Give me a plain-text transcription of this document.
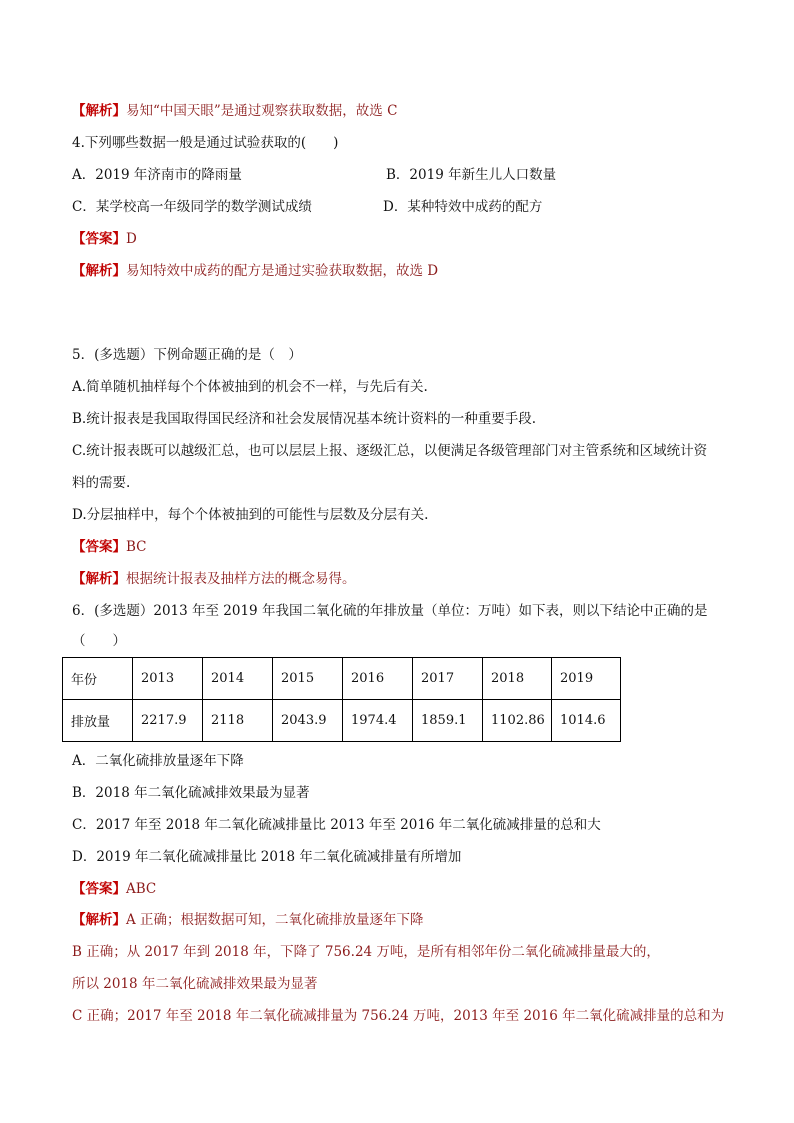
【解析】易知“中国天眼”是通过观察获取数据，故选 C
4.下列哪些数据一般是通过试验获取的(　　)
A．2019 年济南市的降雨量	B．2019 年新生儿人口数量
C．某学校高一年级同学的数学测试成绩	D．某种特效中成药的配方
【答案】D
【解析】易知特效中成药的配方是通过实验获取数据，故选 D
5．(多选题）下例命题正确的是（　）
A.简单随机抽样每个个体被抽到的机会不一样，与先后有关.
B.统计报表是我国取得国民经济和社会发展情况基本统计资料的一种重要手段.
C.统计报表既可以越级汇总，也可以层层上报、逐级汇总，以便满足各级管理部门对主管系统和区域统计资
料的需要.
D.分层抽样中，每个个体被抽到的可能性与层数及分层有关.
【答案】BC
【解析】根据统计报表及抽样方法的概念易得。
6．(多选题）2013 年至 2019 年我国二氧化硫的年排放量（单位：万吨）如下表，则以下结论中正确的是
（　　）
年份	2013	2014	2015	2016	2017	2018	2019
排放量	2217.9	2118	2043.9	1974.4	1859.1	1102.86	1014.6
A．二氧化硫排放量逐年下降
B．2018 年二氧化硫减排效果最为显著
C．2017 年至 2018 年二氧化硫减排量比 2013 年至 2016 年二氧化硫减排量的总和大
D．2019 年二氧化硫减排量比 2018 年二氧化硫减排量有所增加
【答案】ABC
【解析】A 正确；根据数据可知，二氧化硫排放量逐年下降
B 正确；从 2017 年到 2018 年，下降了 756.24 万吨，是所有相邻年份二氧化硫减排量最大的，
所以 2018 年二氧化硫减排效果最为显著
C 正确；2017 年至 2018 年二氧化硫减排量为 756.24 万吨，2013 年至 2016 年二氧化硫减排量的总和为
